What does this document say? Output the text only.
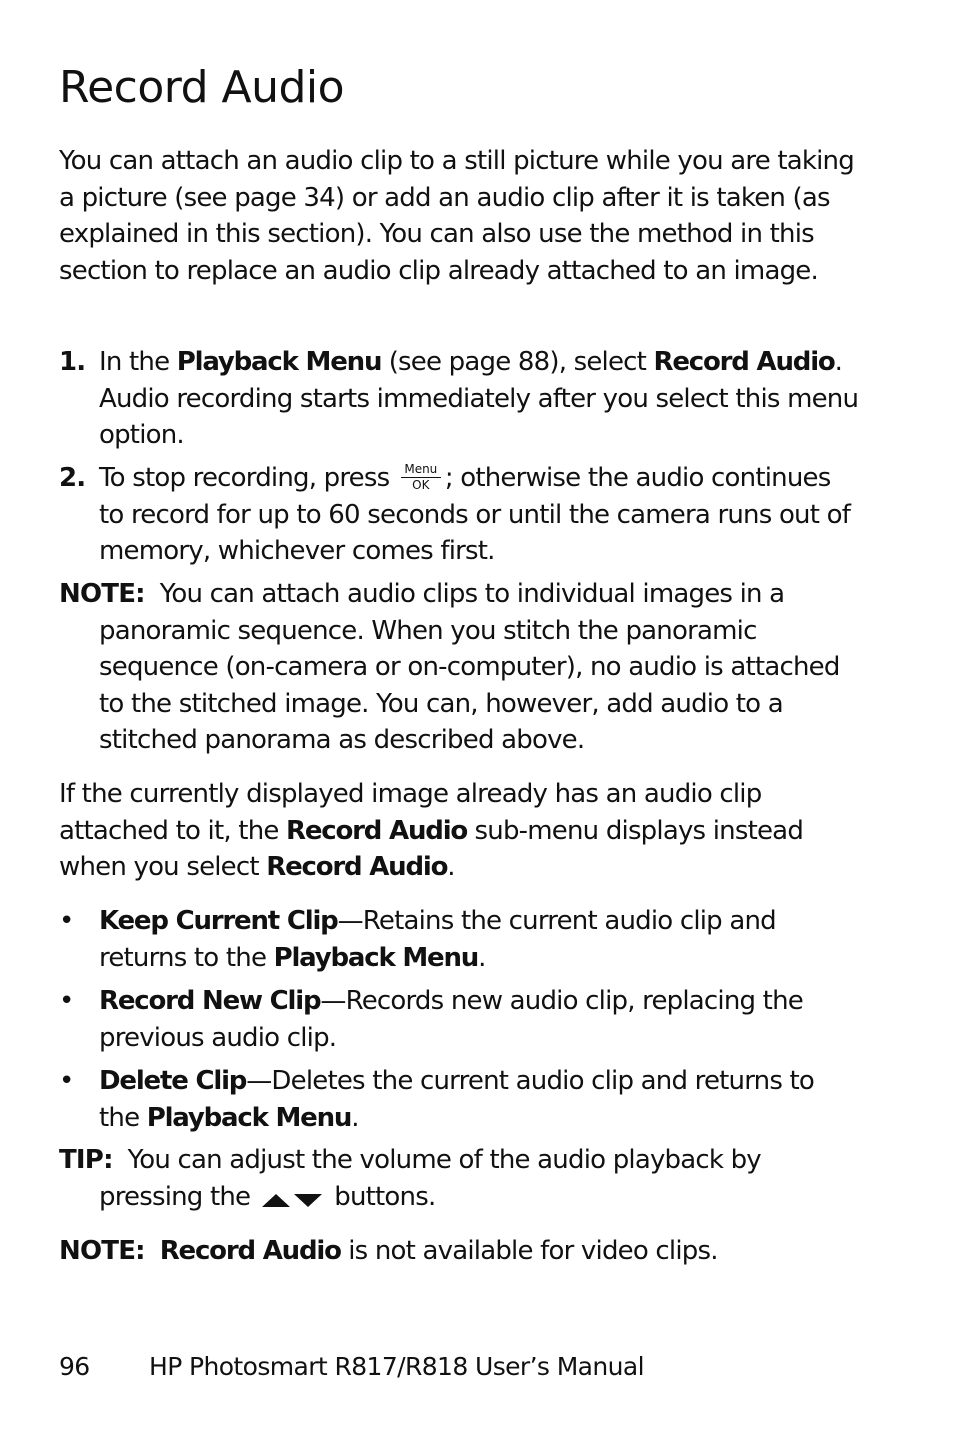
Record Audio

You can attach an audio clip to a still picture while you are taking a picture (see page 34) or add an audio clip after it is taken (as explained in this section). You can also use the method in this section to replace an audio clip already attached to an image.

1. In the Playback Menu (see page 88), select Record Audio. Audio recording starts immediately after you select this menu option.
2. To stop recording, press Menu
OK ; otherwise the audio continues to record for up to 60 seconds or until the camera runs out of memory, whichever comes first.
NOTE: You can attach audio clips to individual images in a panoramic sequence. When you stitch the panoramic sequence (on-camera or on-computer), no audio is attached to the stitched image. You can, however, add audio to a stitched panorama as described above.

If the currently displayed image already has an audio clip attached to it, the Record Audio sub-menu displays instead when you select Record Audio.

• Keep Current Clip—Retains the current audio clip and returns to the Playback Menu.
• Record New Clip—Records new audio clip, replacing the previous audio clip.
• Delete Clip—Deletes the current audio clip and returns to the Playback Menu.
TIP: You can adjust the volume of the audio playback by pressing the	buttons.
NOTE: Record Audio is not available for video clips.
96 HP Photosmart R817/R818 User’s Manual
